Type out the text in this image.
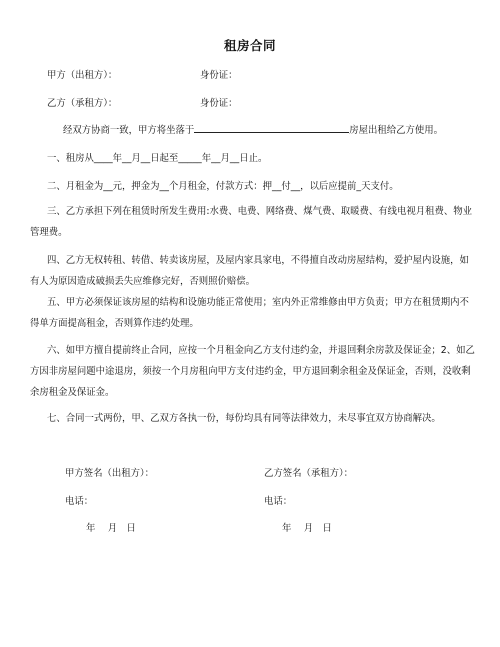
租房合同
甲方（出租方）：	身份证：
乙方（承租方）：	身份证：
经双方协商一致，甲方将坐落于	房屋出租给乙方使用。
一、租房从____年__月__日起至_____年__月__日止。
二、月租金为__元，押金为__个月租金，付款方式：押__付__，以后应提前_天支付。
三、乙方承担下列在租赁时所发生费用:水费、电费、网络费、煤气费、取暖费、有线电视月租费、物业管理费。
四、乙方无权转租、转借、转卖该房屋，及屋内家具家电，不得擅自改动房屋结构，爱护屋内设施，如有人为原因造成破损丢失应维修完好，否则照价赔偿。
五、甲方必须保证该房屋的结构和设施功能正常使用；室内外正常维修由甲方负责；甲方在租赁期内不得单方面提高租金，否则算作违约处理。
六、如甲方擅自提前终止合同，应按一个月租金向乙方支付违约金，并退回剩余房款及保证金；2、如乙方因非房屋问题中途退房，须按一个月房租向甲方支付违约金，甲方退回剩余租金及保证金，否则，没收剩余房租金及保证金。
七、合同一式两份，甲、乙双方各执一份，每份均具有同等法律效力，未尽事宜双方协商解决。
甲方签名（出租方）：	乙方签名（承租方）：
电话：	电话：
年　 月　日	年　 月　日
